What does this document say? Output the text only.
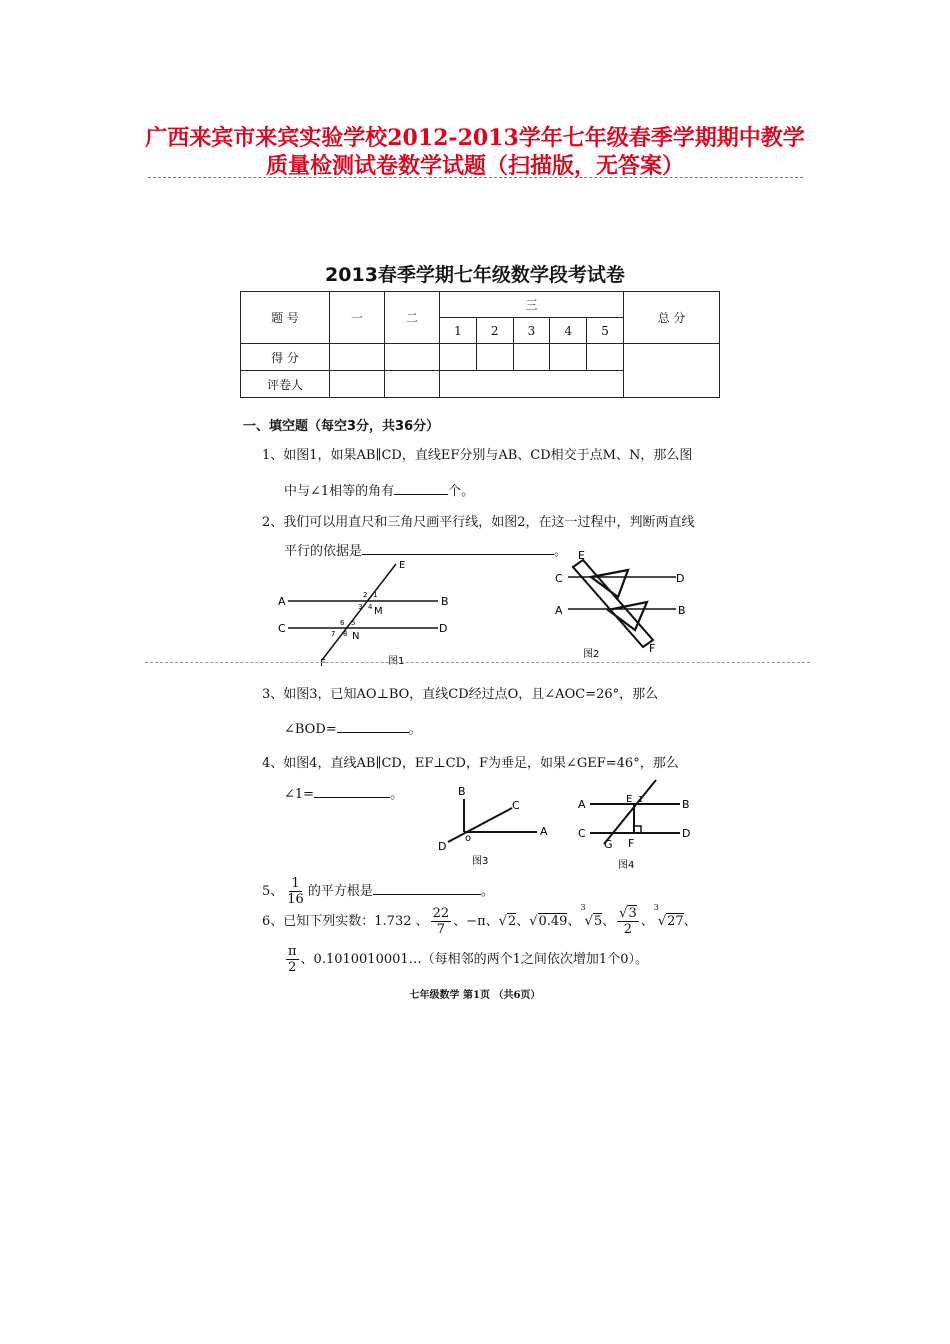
广西来宾市来宾实验学校2012-2013学年七年级春季学期期中教学
质量检测试卷数学试题（扫描版，无答案）
2013春季学期七年级数学段考试卷
题 号	一	二	三					总 分
			1	2	3	4	5	
得 分								
评卷人								
一、填空题（每空3分，共36分）
1、如图1，如果AB∥CD，直线EF分别与AB、CD相交于点M、N，那么图
中与∠1相等的角有	个。
2、我们可以用直尺和三角尺画平行线，如图2，在这一过程中，判断两直线
平行的依据是	。
A	B
C	D
E
F
M
N
2 1
3 4
6 5
7 8
图1
E
C	D
A	B
F
图2
3、如图3，已知AO⊥BO，直线CD经过点O，且∠AOC=26°，那么
∠BOD=	。
4、如图4，直线AB∥CD，EF⊥CD，F为垂足，如果∠GEF=46°，那么
∠1=	。	B
C
A
D
o
图3
A	B
C	D
E 1
F
G
图4
5、 $\frac{1}{16}$ 的平方根是	。
6、已知下列实数：1.732 、 $\frac{22}{7}$ 、−π、√2、√0.49、$^3$√5、 $\frac{√3}{2}$ 、$^3$√27、
$\frac{\pi}{2}$ 、0.1010010001…（每相邻的两个1之间依次增加1个0）。
七年级数学 第1页 （共6页）
